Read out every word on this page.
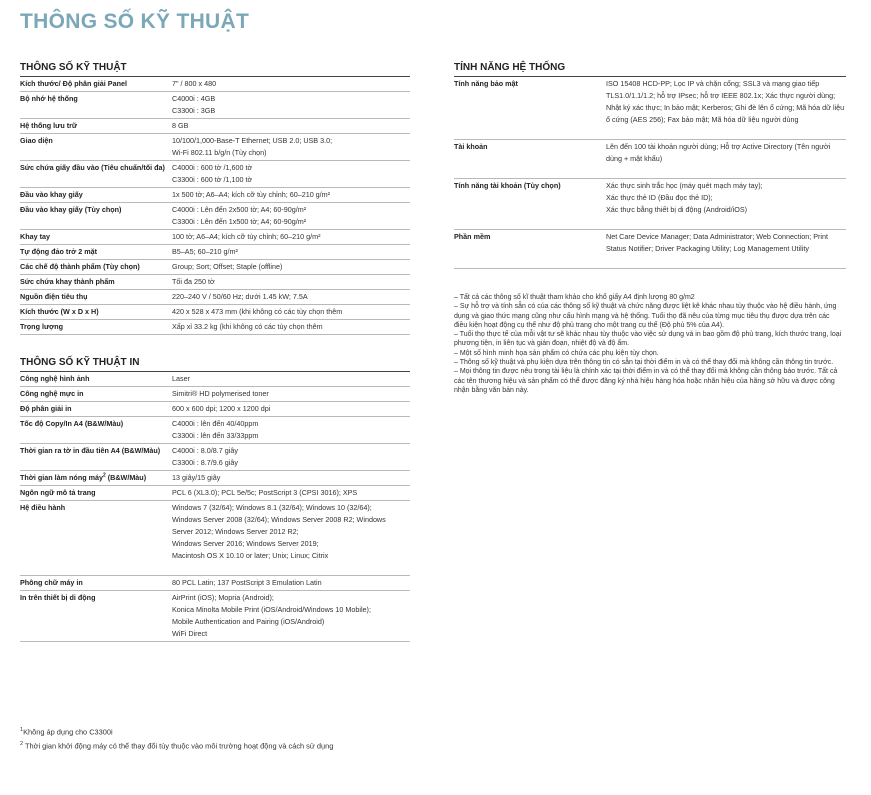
THÔNG SỐ KỸ THUẬT
THÔNG SỐ KỸ THUẬT
Kích thước/ Độ phân giải Panel	7" / 800 x 480
Bộ nhớ hệ thống	C4000i : 4GB
C3300i : 3GB
Hệ thống lưu trữ	8 GB
Giao diện	10/100/1,000-Base-T Ethernet; USB 2.0; USB 3.0;
Wi-Fi 802.11 b/g/n (Tùy chọn)
Sức chứa giấy đầu vào (Tiêu chuẩn/tối đa) C4000i : 600 tờ /1,600 tờ
C3300i : 600 tờ /1,100 tờ
Đầu vào khay giấy	1x 500 tờ; A6–A4; kích cỡ tùy chỉnh; 60–210 g/m²
Đầu vào khay giấy (Tùy chọn)	C4000i : Lên đến 2x500 tờ; A4; 60-90g/m²
C3300i : Lên đến 1x500 tờ; A4; 60-90g/m²
Khay tay	100 tờ; A6–A4; kích cỡ tùy chỉnh; 60–210 g/m²
Tự động đảo trở 2 mặt	B5–A5; 60–210 g/m²
Các chế độ thành phẩm (Tùy chọn)	Group; Sort; Offset; Staple (offline)
Sức chứa khay thành phẩm	Tối đa 250 tờ
Nguồn điện tiêu thụ	220–240 V / 50/60 Hz; dưới 1.45 kW; 7.5A
Kích thước (W x D x H)	420 x 528 x 473 mm (khi không có các tùy chọn thêm
Trọng lượng	Xấp xỉ 33.2 kg (khi không có các tùy chọn thêm
THÔNG SỐ KỸ THUẬT IN
Công nghệ hình ảnh	Laser
Công nghệ mực in	Simitri® HD polymerised toner
Độ phân giải in	600 x 600 dpi; 1200 x 1200 dpi
Tốc độ Copy/In A4 (B&W/Màu)	C4000i : lên đến 40/40ppm
C3300i : lên đến 33/33ppm
Thời gian ra tờ in đầu tiên A4 (B&W/Màu)	C4000i : 8.0/8.7 giây
C3300i : 8.7/9.6 giây
Thời gian làm nóng máy$^2$ (B&W/Màu)	13 giây/15 giây
Ngôn ngữ mô tả trang	PCL 6 (XL3.0); PCL 5e/5c; PostScript 3 (CPSI 3016); XPS
Hệ điều hành	Windows 7 (32/64); Windows 8.1 (32/64); Windows 10 (32/64);
Windows Server 2008 (32/64); Windows Server 2008 R2; Windows
Server 2012; Windows Server 2012 R2;
Windows Server 2016; Windows Server 2019;
Macintosh OS X 10.10 or later; Unix; Linux; Citrix

Phông chữ máy in	80 PCL Latin; 137 PostScript 3 Emulation Latin
In trên thiết bị di động	AirPrint (iOS); Mopria (Android);
Konica Minolta Mobile Print (iOS/Android/Windows 10 Mobile);
Mobile Authentication and Pairing (iOS/Android)
WiFi Direct
TÍNH NĂNG HỆ THỐNG
Tính năng bảo mật	ISO 15408 HCD-PP; Lọc IP và chặn cổng; SSL3 và mạng giao tiếp TLS1.0/1.1/1.2; hỗ trợ IPsec; hỗ trợ IEEE 802.1x; Xác thực người dùng; Nhật ký xác thực; In bảo mật; Kerberos; Ghi đè lên ổ cứng; Mã hóa dữ liệu ổ cứng (AES 256); Fax bảo mật; Mã hóa dữ liệu người dùng

Tài khoản	Lên đến 100 tài khoản người dùng; Hỗ trợ Active Directory (Tên người dùng + mật khẩu)

Tính năng tài khoản (Tùy chọn)	Xác thực sinh trắc học (máy quét mạch máy tay);
Xác thực thẻ ID (Đầu đọc thẻ ID);
Xác thực bằng thiết bị di động (Android/iOS)

Phần mềm	Net Care Device Manager; Data Administrator; Web Connection; Print Status Notifier; Driver Packaging Utility; Log Management Utility

– Tất cả các thông số kĩ thuật tham khảo cho khổ giấy A4 định lượng 80 g/m2

– Sự hỗ trợ và tính sẵn có của các thông số kỹ thuật và chức năng được liệt kê khác nhau tùy thuộc vào hệ điều hành, ứng dụng và giao thức mạng cũng như cấu hình mạng và hệ thống. Tuổi thọ đã nêu của từng mục tiêu thụ được dựa trên các điều kiện hoạt động cụ thể như độ phủ trang cho một trang cụ thể (Độ phủ 5% của A4).

– Tuổi thọ thực tế của mỗi vật tư sẽ khác nhau tùy thuộc vào việc sử dụng và in bao gồm độ phủ trang, kích thước trang, loại phương tiện, in liên tục và gián đoạn, nhiệt độ và độ ẩm.

– Một số hình minh họa sản phẩm có chứa các phụ kiện tùy chọn.

– Thông số kỹ thuật và phụ kiện dựa trên thông tin có sẵn tại thời điểm in và có thể thay đổi mà không cần thông tin trước.

– Mọi thông tin được nêu trong tài liệu là chính xác tại thời điểm in và có thể thay đổi mà không cần thông báo trước. Tất cả các tên thương hiệu và sản phẩm có thể được đăng ký nhà hiệu hàng hóa hoặc nhãn hiệu của hãng sở hữu và được công nhận bằng văn bản này.

$^1$Không áp dụng cho C3300i
$^2$ Thời gian khởi động máy có thể thay đổi tùy thuộc vào môi trường hoạt động và cách sử dụng
